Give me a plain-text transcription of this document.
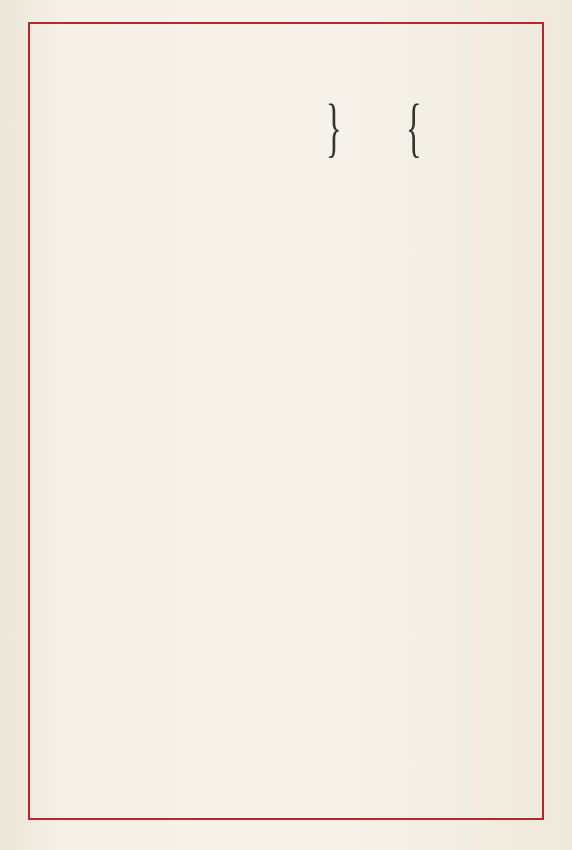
} {
